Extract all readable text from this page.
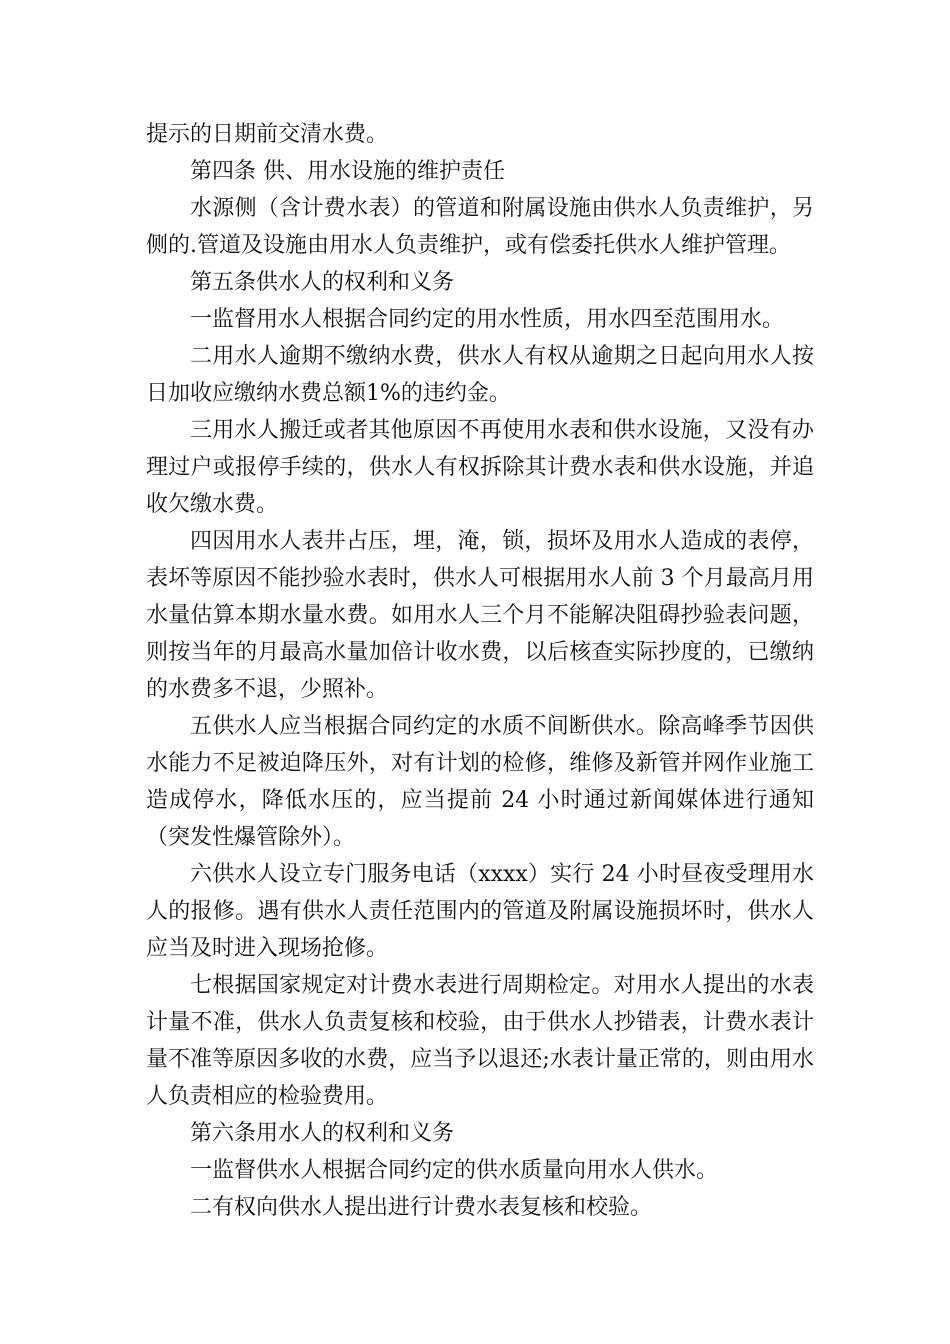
提示的日期前交清水费。

第四条 供、用水设施的维护责任

水源侧（含计费水表）的管道和附属设施由供水人负责维护，另侧的.管道及设施由用水人负责维护，或有偿委托供水人维护管理。

第五条供水人的权利和义务

一监督用水人根据合同约定的用水性质，用水四至范围用水。

二用水人逾期不缴纳水费，供水人有权从逾期之日起向用水人按日加收应缴纳水费总额1%的违约金。

三用水人搬迁或者其他原因不再使用水表和供水设施，又没有办理过户或报停手续的，供水人有权拆除其计费水表和供水设施，并追收欠缴水费。

四因用水人表井占压，埋，淹，锁，损坏及用水人造成的表停，表坏等原因不能抄验水表时，供水人可根据用水人前 3 个月最高月用水量估算本期水量水费。如用水人三个月不能解决阻碍抄验表问题，则按当年的月最高水量加倍计收水费，以后核查实际抄度的，已缴纳的水费多不退，少照补。

五供水人应当根据合同约定的水质不间断供水。除高峰季节因供水能力不足被迫降压外，对有计划的检修，维修及新管并网作业施工造成停水，降低水压的，应当提前 24 小时通过新闻媒体进行通知（突发性爆管除外）。

六供水人设立专门服务电话（xxxx）实行 24 小时昼夜受理用水人的报修。遇有供水人责任范围内的管道及附属设施损坏时，供水人应当及时进入现场抢修。

七根据国家规定对计费水表进行周期检定。对用水人提出的水表计量不准，供水人负责复核和校验，由于供水人抄错表，计费水表计量不准等原因多收的水费，应当予以退还;水表计量正常的，则由用水人负责相应的检验费用。

第六条用水人的权利和义务

一监督供水人根据合同约定的供水质量向用水人供水。

二有权向供水人提出进行计费水表复核和校验。
